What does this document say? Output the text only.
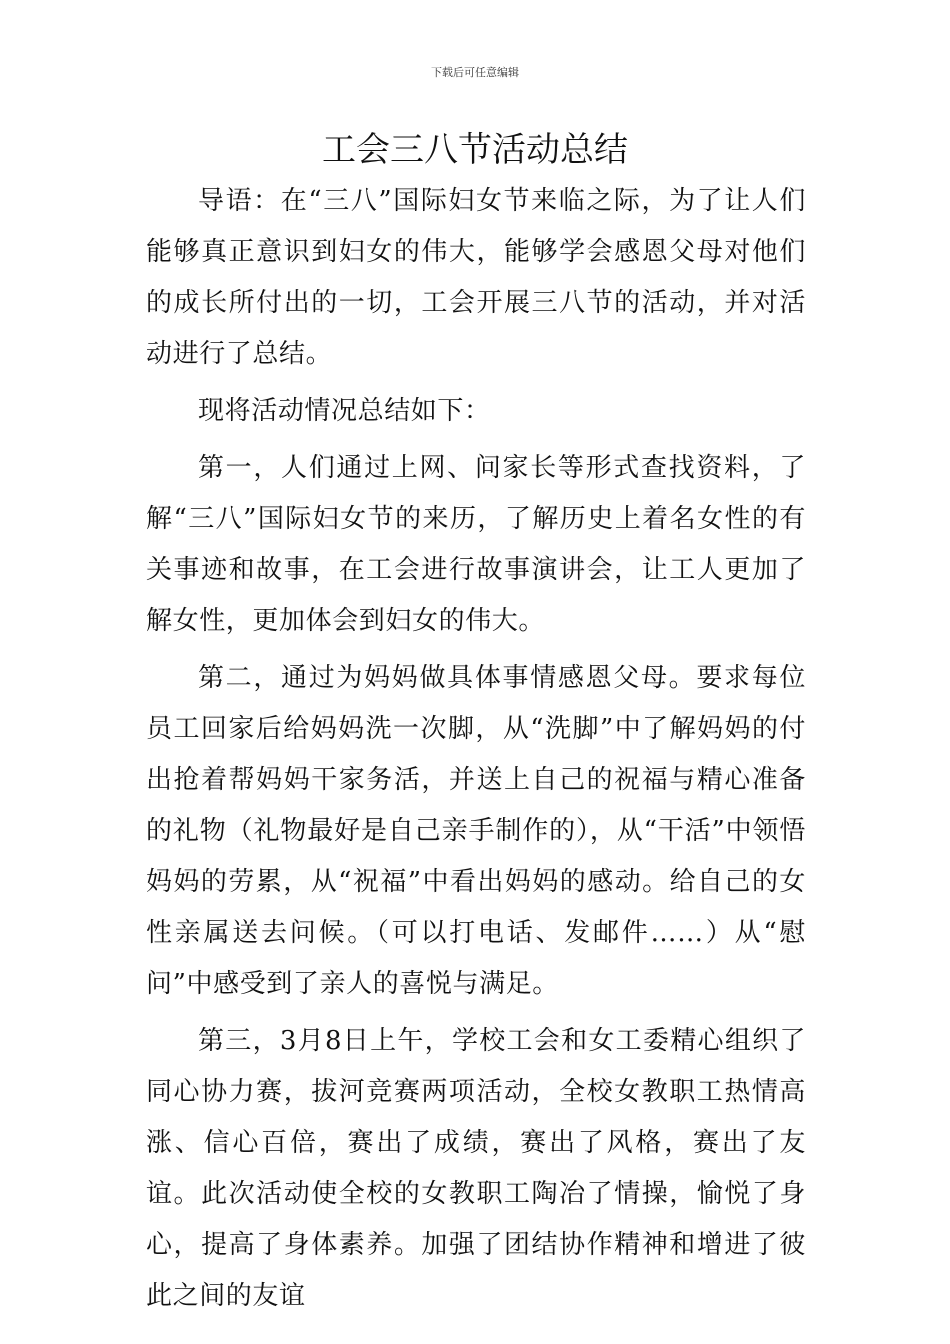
下载后可任意编辑
工会三八节活动总结

导语：在“三八”国际妇女节来临之际，为了让人们能够真正意识到妇女的伟大，能够学会感恩父母对他们的成长所付出的一切，工会开展三八节的活动，并对活动进行了总结。

现将活动情况总结如下：

第一，人们通过上网、问家长等形式查找资料，了解“三八”国际妇女节的来历，了解历史上着名女性的有关事迹和故事，在工会进行故事演讲会，让工人更加了解女性，更加体会到妇女的伟大。

第二，通过为妈妈做具体事情感恩父母。要求每位员工回家后给妈妈洗一次脚，从“洗脚”中了解妈妈的付出抢着帮妈妈干家务活，并送上自己的祝福与精心准备的礼物（礼物最好是自己亲手制作的），从“干活”中领悟妈妈的劳累，从“祝福”中看出妈妈的感动。给自己的女性亲属送去问候。（可以打电话、发邮件……）从“慰问”中感受到了亲人的喜悦与满足。

第三，3月8日上午，学校工会和女工委精心组织了同心协力赛，拔河竞赛两项活动，全校女教职工热情高涨、信心百倍，赛出了成绩，赛出了风格，赛出了友谊。此次活动使全校的女教职工陶冶了情操，愉悦了身心，提高了身体素养。加强了团结协作精神和增进了彼此之间的友谊
